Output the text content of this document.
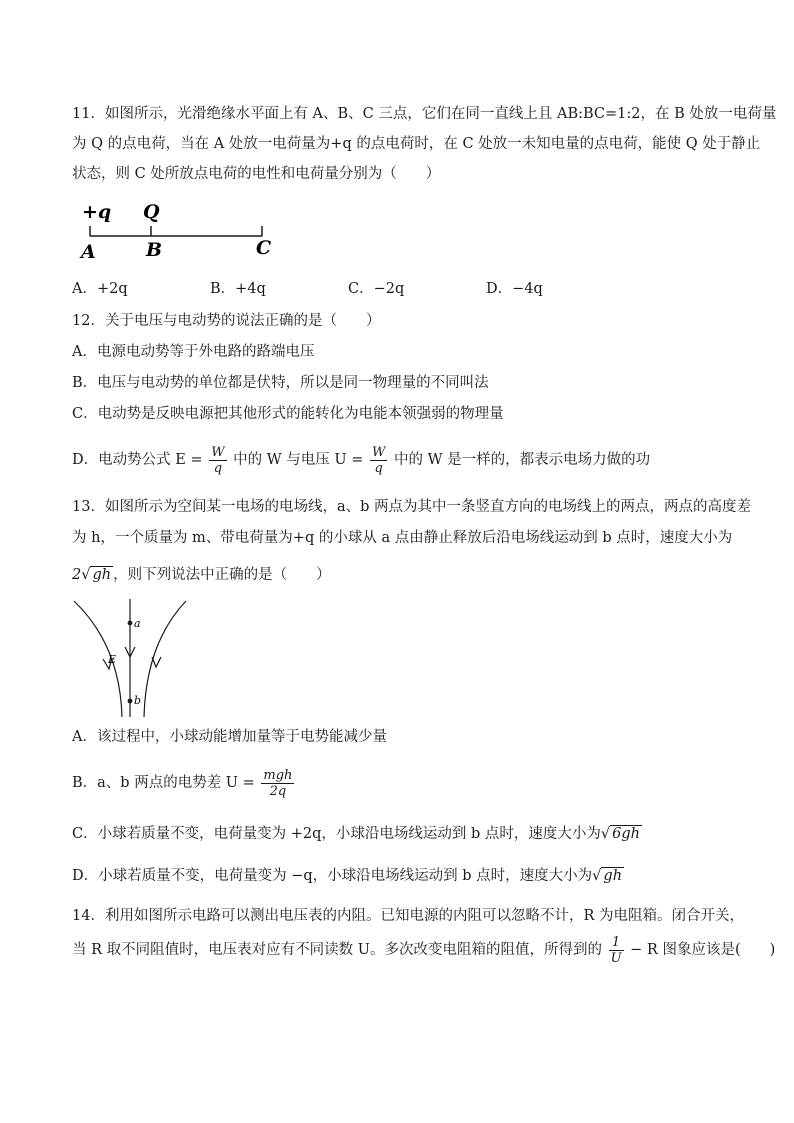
11．如图所示，光滑绝缘水平面上有 A、B、C 三点，它们在同一直线上且 AB:BC=1:2，在 B 处放一电荷量
为 Q 的点电荷，当在 A 处放一电荷量为+q 的点电荷时，在 C 处放一未知电量的点电荷，能使 Q 处于静止
状态，则 C 处所放点电荷的电性和电荷量分别为（　　）
+q Q
A	B	C
A．+2q	B．+4q	C．−2q	D．−4q
12．关于电压与电动势的说法正确的是（　　）
A．电源电动势等于外电路的路端电压
B．电压与电动势的单位都是伏特，所以是同一物理量的不同叫法
C．电动势是反映电源把其他形式的能转化为电能本领强弱的物理量
D．电动势公式 $E = \frac{W}{q}$ 中的 W 与电压 $U = \frac{W}{q}$ 中的 W 是一样的，都表示电场力做的功
13．如图所示为空间某一电场的电场线，a、b 两点为其中一条竖直方向的电场线上的两点，两点的高度差
为 h，一个质量为 m、带电荷量为+q 的小球从 a 点由静止释放后沿电场线运动到 b 点时，速度大小为
2√ gh ，则下列说法中正确的是（　　）
a
b
E
A．该过程中，小球动能增加量等于电势能减少量
B．a、b 两点的电势差 $U = \frac{\text{mgh}}{2q}$
C．小球若质量不变，电荷量变为 +2q，小球沿电场线运动到 b 点时，速度大小为√ 6gh
D．小球若质量不变，电荷量变为 −q，小球沿电场线运动到 b 点时，速度大小为√ gh
14．利用如图所示电路可以测出电压表的内阻。已知电源的内阻可以忽略不计，R 为电阻箱。闭合开关，
当 R 取不同阻值时，电压表对应有不同读数 U。多次改变电阻箱的阻值，所得到的 $\frac{1}{U} - R$ 图象应该是(　　)
